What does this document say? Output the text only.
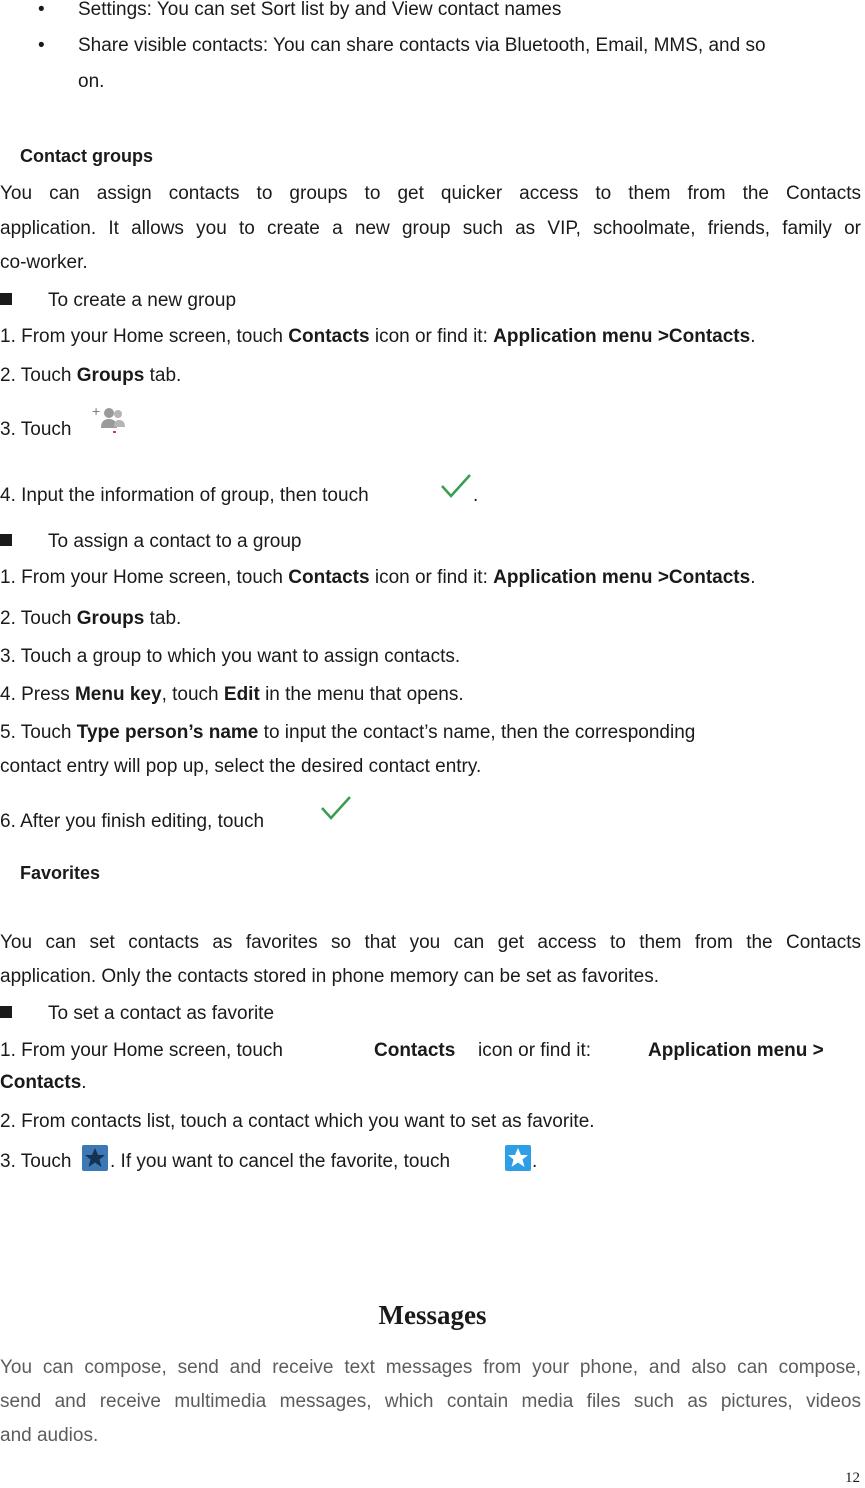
• Settings: You can set Sort list by and View contact names
• Share visible contacts: You can share contacts via Bluetooth, Email, MMS, and so
on.
Contact groups
You can assign contacts to groups to get quicker access to them from the Contacts
application. It allows you to create a new group such as VIP, schoolmate, friends, family or
co-worker.
To create a new group
1. From your Home screen, touch Contacts icon or find it: Application menu >Contacts.
2. Touch Groups tab.
3. Touch
+
4. Input the information of group, then touch	.
To assign a contact to a group
1. From your Home screen, touch Contacts icon or find it: Application menu >Contacts.
2. Touch Groups tab.
3. Touch a group to which you want to assign contacts.
4. Press Menu key, touch Edit in the menu that opens.
5. Touch Type person’s name to input the contact’s name, then the corresponding
contact entry will pop up, select the desired contact entry.
6. After you finish editing, touch
Favorites
You can set contacts as favorites so that you can get access to them from the Contacts
application. Only the contacts stored in phone memory can be set as favorites.
To set a contact as favorite
1. From your Home screen, touch	Contacts icon or find it:	Application menu >
Contacts.
2. From contacts list, touch a contact which you want to set as favorite.
3. Touch . If you want to cancel the favorite, touch	.
Messages
You can compose, send and receive text messages from your phone, and also can compose,
send and receive multimedia messages, which contain media files such as pictures, videos
and audios.
12
